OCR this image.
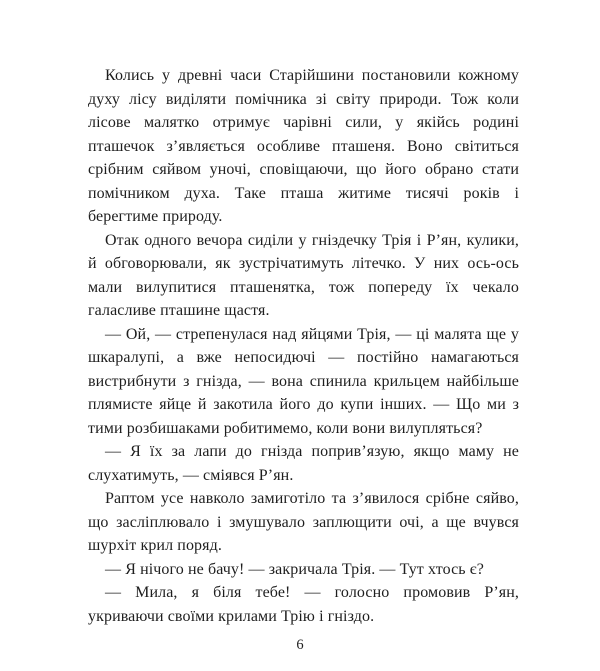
Колись у древні часи Старійшини постановили кожному духу лісу виділяти помічника зі світу природи. Тож коли лісове малятко отримує чарівні сили, у якійсь родині пташечок з’являється особливе пташеня. Воно світиться срібним сяйвом уночі, сповіщаючи, що його обрано стати помічником духа. Таке пташа житиме тисячі років і берегтиме природу.

Отак одного вечора сиділи у гніздечку Трія і Р’ян, кулики, й обговорювали, як зустрічатимуть літечко. У них ось-ось мали вилупитися пташенятка, тож попереду їх чекало галасливе пташине щастя.

— Ой, — стрепенулася над яйцями Трія, — ці малята ще у шкаралупі, а вже непосидючі — постійно намагаються вистрибнути з гнізда, — вона спинила крильцем найбільше плямисте яйце й закотила його до купи інших. — Що ми з тими розбишаками робитимемо, коли вони вилупляться?

— Я їх за лапи до гнізда поприв’язую, якщо маму не слухатимуть, — сміявся Р’ян.

Раптом усе навколо замиготіло та з’явилося срібне сяйво, що засліплювало і змушувало заплющити очі, а ще вчувся шурхіт крил поряд.

— Я нічого не бачу! — закричала Трія. — Тут хтось є?

— Мила, я біля тебе! — голосно промовив Р’ян, укриваючи своїми крилами Трію і гніздо.

6
